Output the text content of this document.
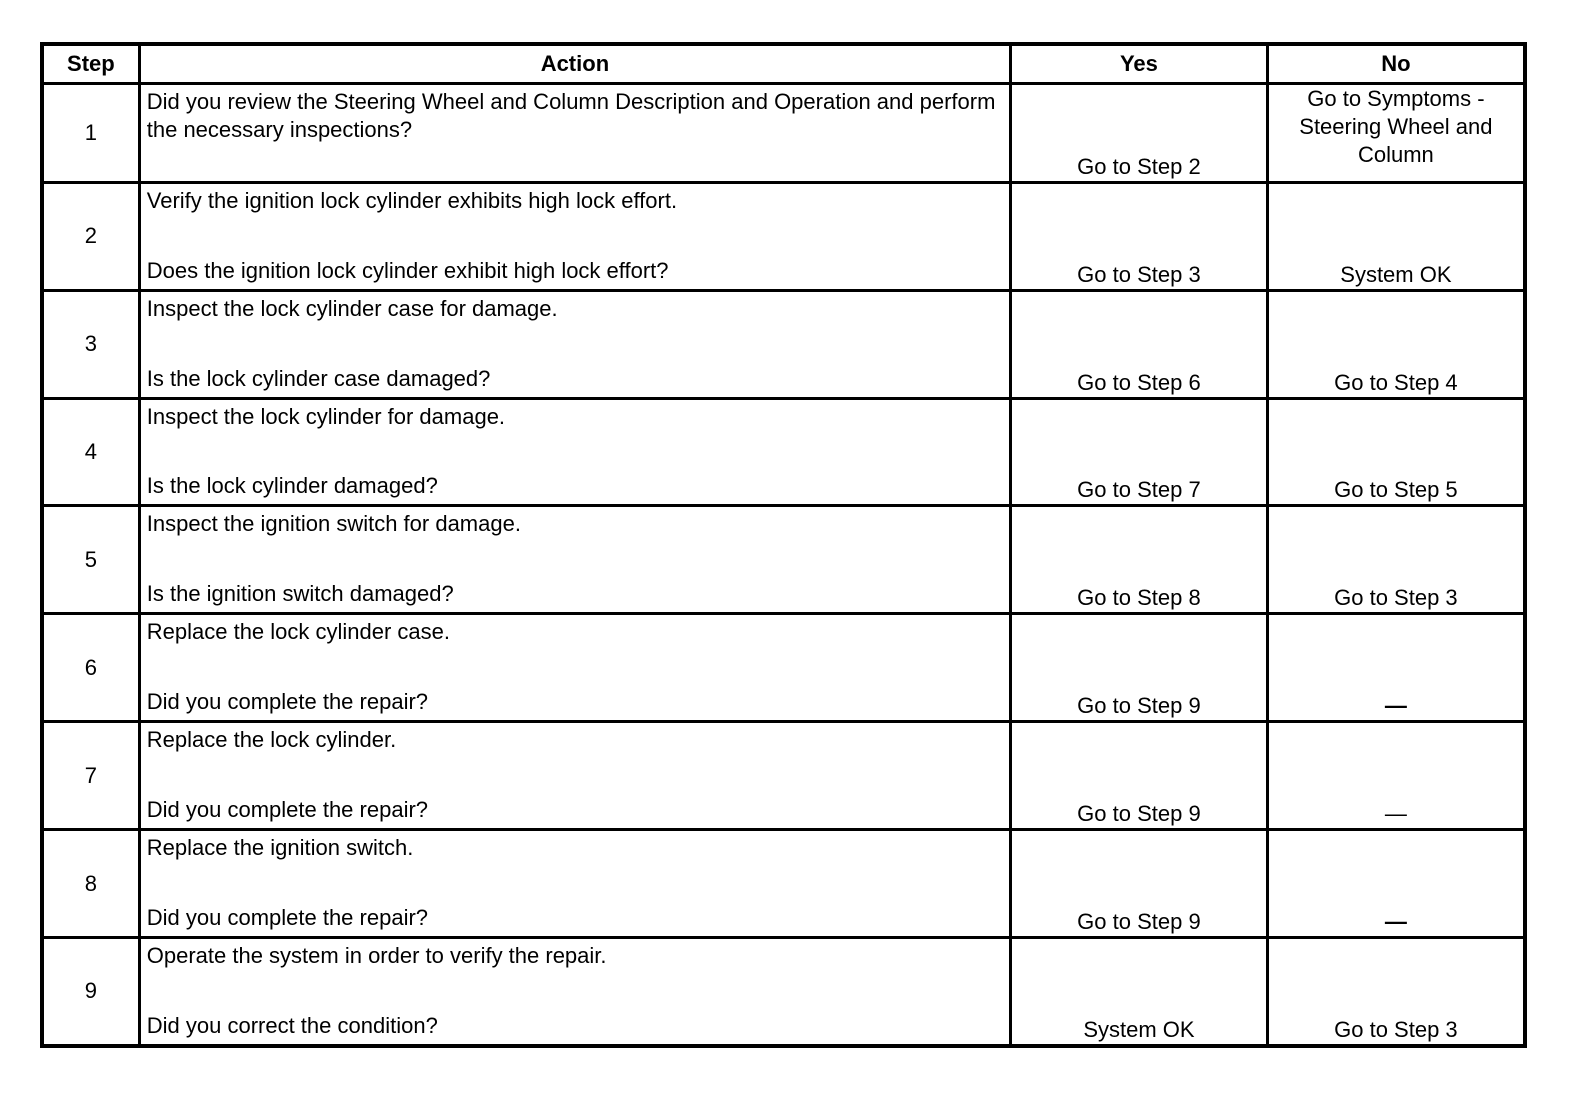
Step	Action	Yes	No
1	Did you review the Steering Wheel and Column Description and Operation and perform the necessary inspections?	Go to Step 2	Go to Symptoms - Steering Wheel and Column
2	Verify the ignition lock cylinder exhibits high lock effort.
Does the ignition lock cylinder exhibit high lock effort?	Go to Step 3	System OK
3	Inspect the lock cylinder case for damage.
Is the lock cylinder case damaged?	Go to Step 6	Go to Step 4
4	Inspect the lock cylinder for damage.
Is the lock cylinder damaged?	Go to Step 7	Go to Step 5
5	Inspect the ignition switch for damage.
Is the ignition switch damaged?	Go to Step 8	Go to Step 3
6	Replace the lock cylinder case.
Did you complete the repair?	Go to Step 9	—
7	Replace the lock cylinder.
Did you complete the repair?	Go to Step 9	—
8	Replace the ignition switch.
Did you complete the repair?	Go to Step 9	—
9	Operate the system in order to verify the repair.
Did you correct the condition?	System OK	Go to Step 3
